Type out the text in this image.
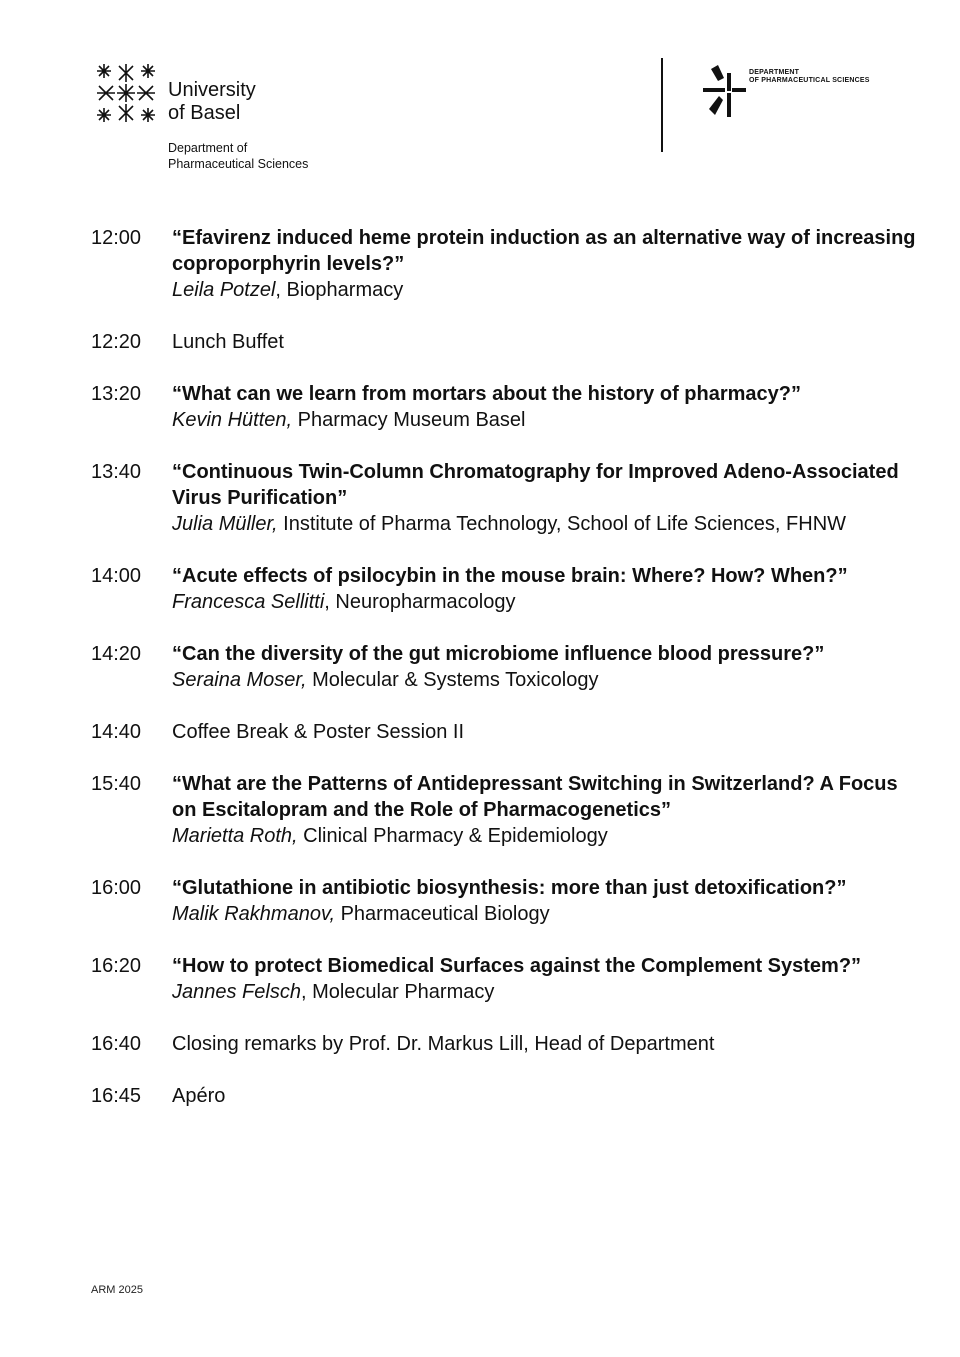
University
of Basel
Department of
Pharmaceutical Sciences
DEPARTMENT
OF PHARMACEUTICAL SCIENCES
12:00	“Efavirenz induced heme protein induction as an alternative way of increasing coproporphyrin levels?”
Leila Potzel, Biopharmacy
12:20	Lunch Buffet
13:20	“What can we learn from mortars about the history of pharmacy?”
Kevin Hütten, Pharmacy Museum Basel
13:40	“Continuous Twin-Column Chromatography for Improved Adeno-Associated Virus Purification”
Julia Müller, Institute of Pharma Technology, School of Life Sciences, FHNW
14:00	“Acute effects of psilocybin in the mouse brain: Where? How? When?”
Francesca Sellitti, Neuropharmacology
14:20	“Can the diversity of the gut microbiome influence blood pressure?”
Seraina Moser, Molecular & Systems Toxicology
14:40	Coffee Break & Poster Session II
15:40	“What are the Patterns of Antidepressant Switching in Switzerland? A Focus on Escitalopram and the Role of Pharmacogenetics”
Marietta Roth, Clinical Pharmacy & Epidemiology
16:00	“Glutathione in antibiotic biosynthesis: more than just detoxification?”
Malik Rakhmanov, Pharmaceutical Biology
16:20	“How to protect Biomedical Surfaces against the Complement System?”
Jannes Felsch, Molecular Pharmacy
16:40	Closing remarks by Prof. Dr. Markus Lill, Head of Department
16:45	Apéro
ARM 2025
